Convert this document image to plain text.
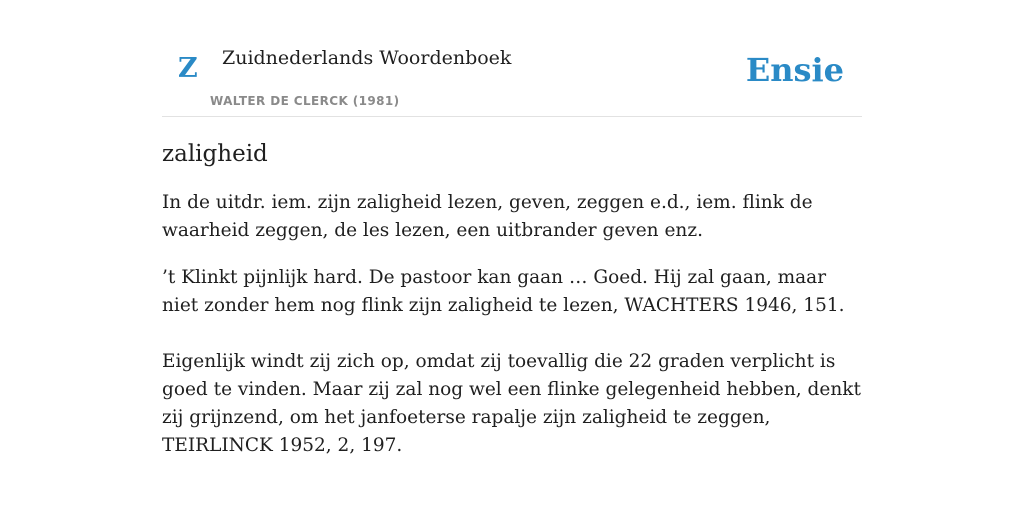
Z Zuidnederlands Woordenboek
WALTER DE CLERCK (1981)
Ensie
zaligheid

In de uitdr. iem. zijn zaligheid lezen, geven, zeggen e.d., iem. flink de waarheid zeggen, de les lezen, een uitbrander geven enz.

’t Klinkt pijnlijk hard. De pastoor kan gaan … Goed. Hij zal gaan, maar niet zonder hem nog flink zijn zaligheid te lezen, WACHTERS 1946, 151.

Eigenlijk windt zij zich op, omdat zij toevallig die 22 graden verplicht is goed te vinden. Maar zij zal nog wel een flinke gelegenheid hebben, denkt zij grijnzend, om het janfoeterse rapalje zijn zaligheid te zeggen, TEIRLINCK 1952, 2, 197.
